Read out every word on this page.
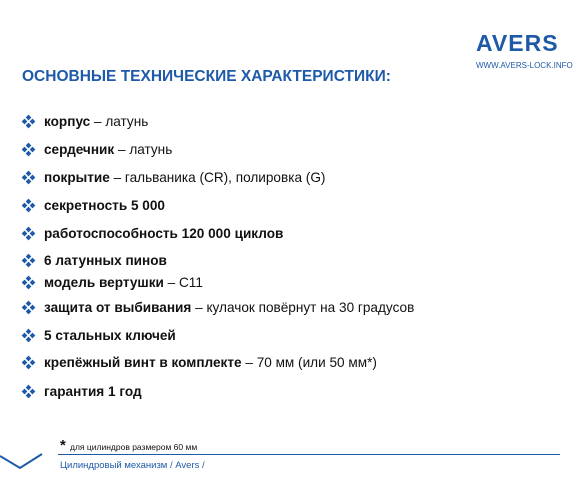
AVERS
WWW.AVERS-LOCK.INFO
ОСНОВНЫЕ ТЕХНИЧЕСКИЕ ХАРАКТЕРИСТИКИ:
корпус – латунь
сердечник – латунь
покрытие – гальваника (CR), полировка (G)
секретность 5 000
работоспособность 120 000 циклов
6 латунных пинов
модель вертушки – C11
защита от выбивания – кулачок повёрнут на 30 градусов
5 стальных ключей
крепёжный винт в комплекте – 70 мм (или 50 мм*)
гарантия 1 год
* для цилиндров размером 60 мм
Цилиндровый механизм / Avers /
